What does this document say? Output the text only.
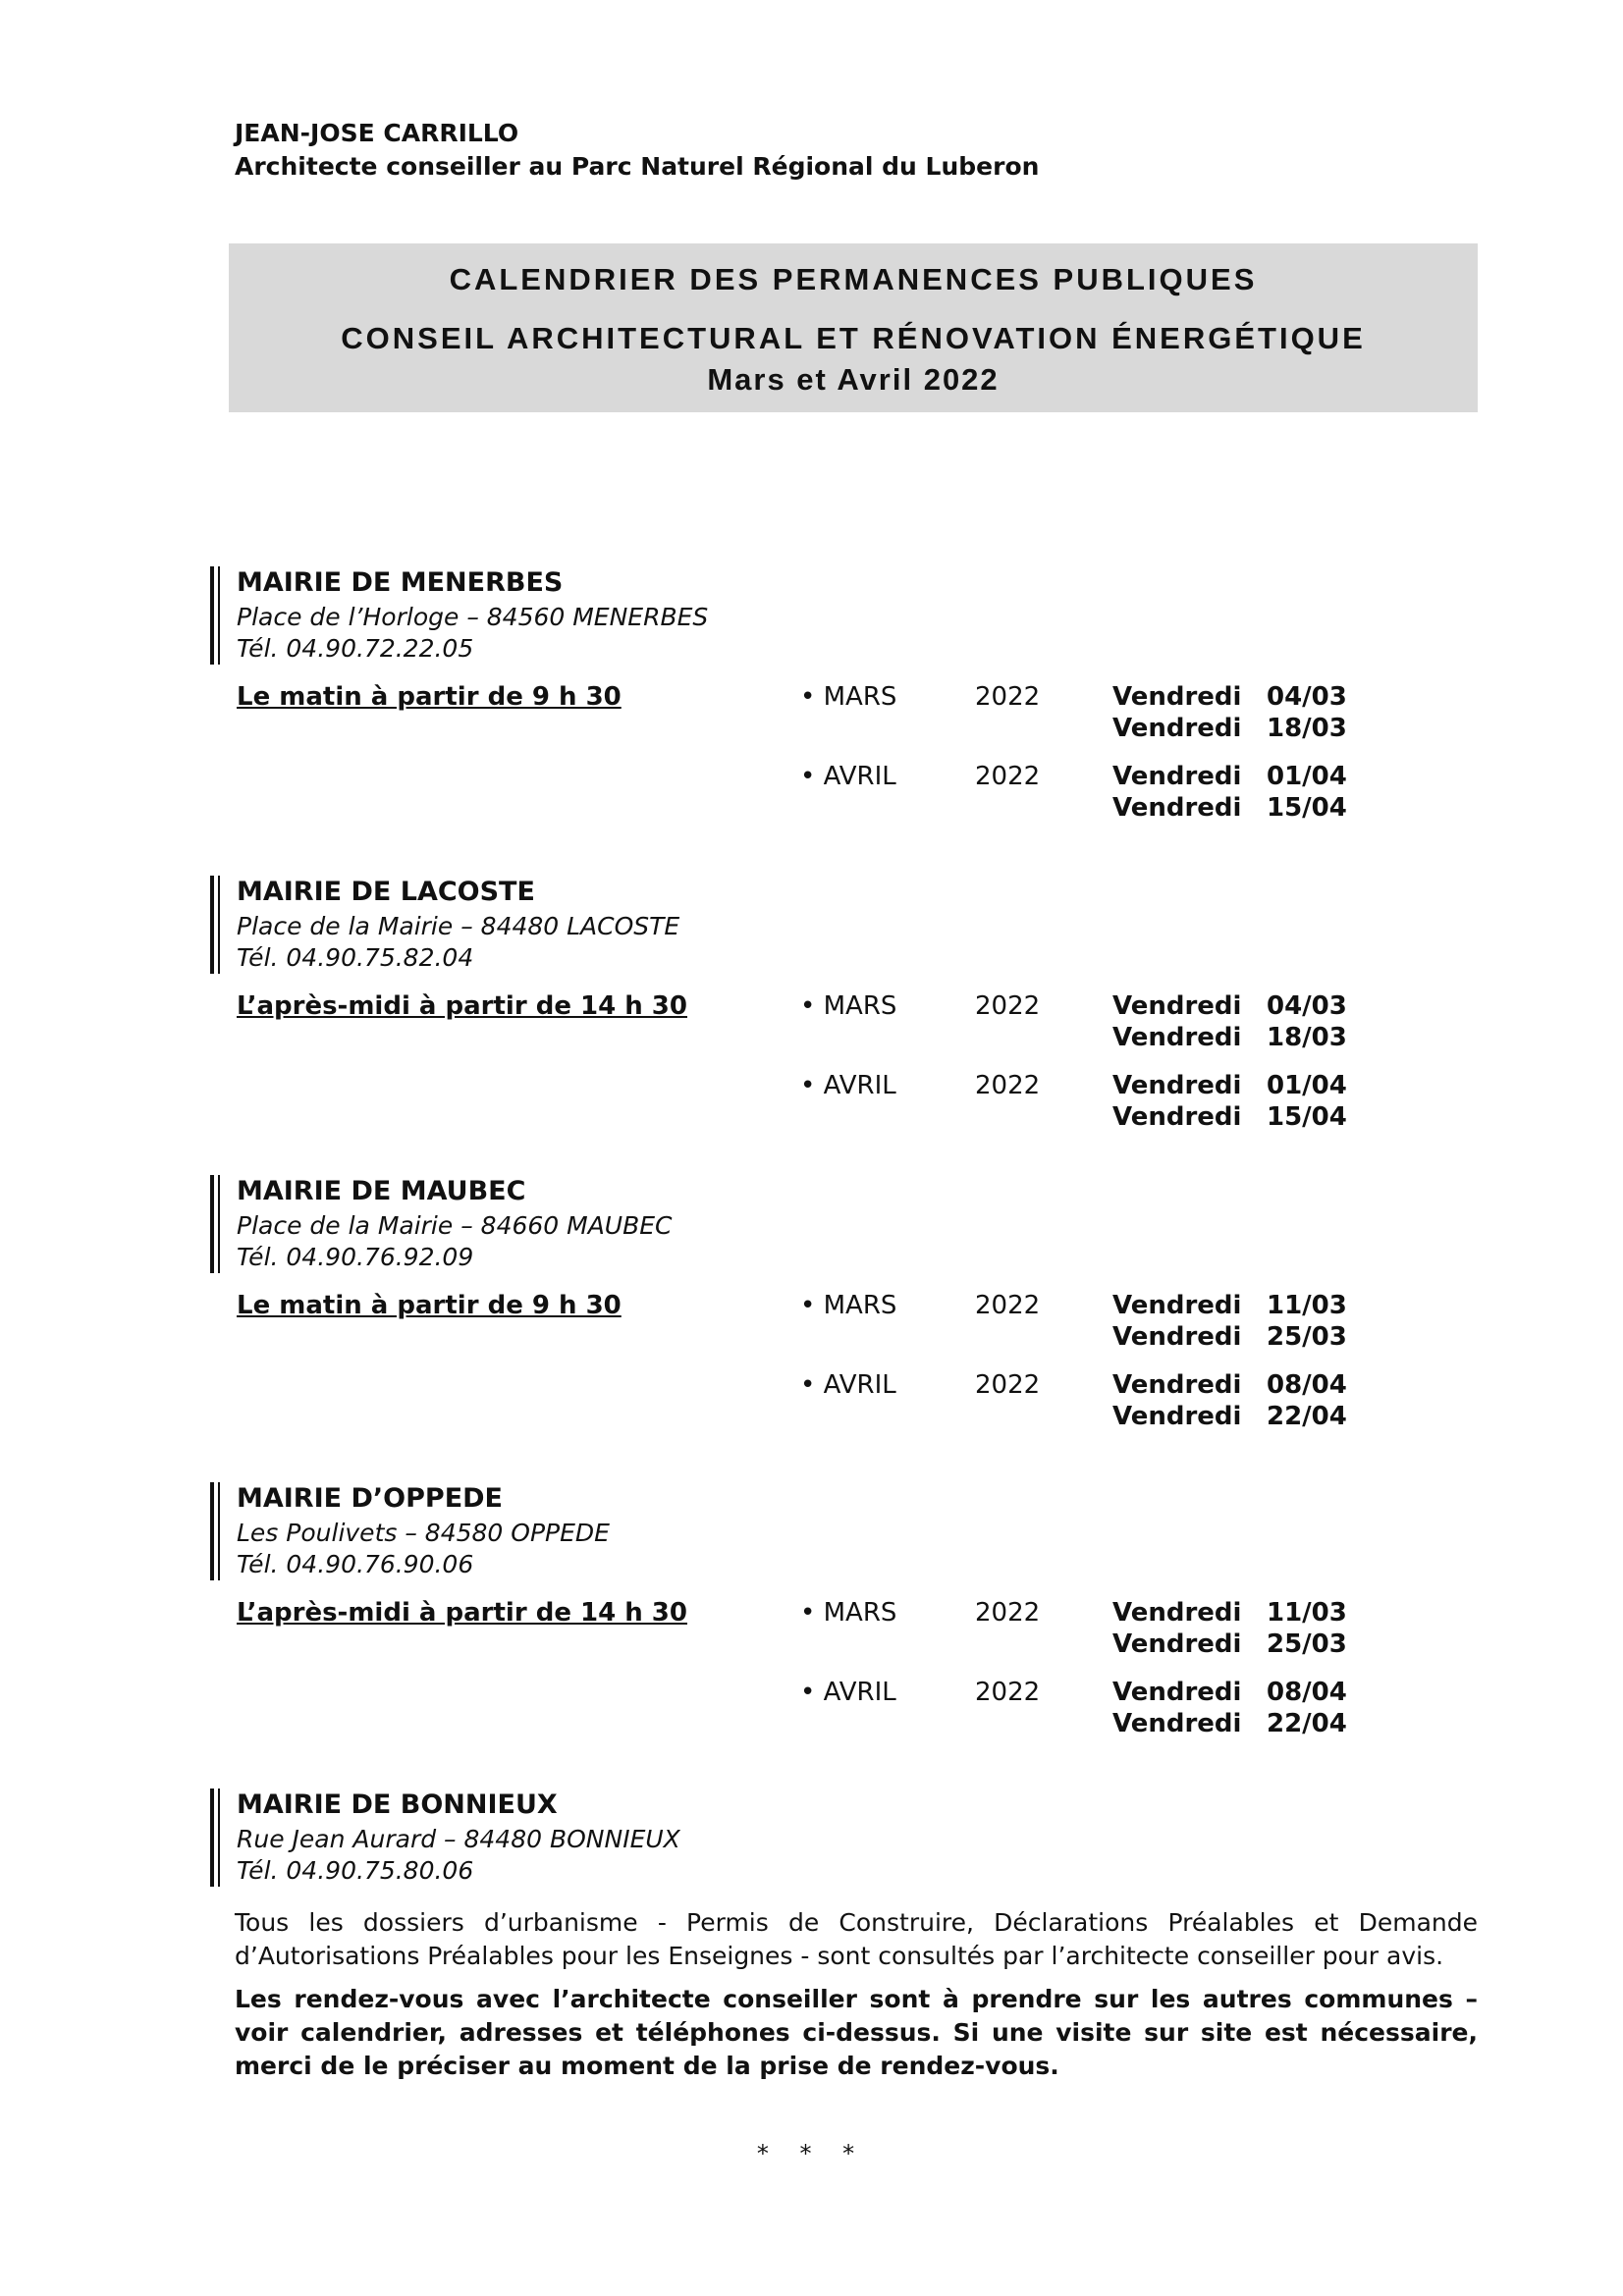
JEAN-JOSE CARRILLO
Architecte conseiller au Parc Naturel Régional du Luberon
CALENDRIER DES PERMANENCES PUBLIQUES
CONSEIL ARCHITECTURAL ET RÉNOVATION ÉNERGÉTIQUE
Mars et Avril 2022
MAIRIE DE MENERBES
Place de l’Horloge – 84560 MENERBES
Tél. 04.90.72.22.05
Le matin à partir de 9 h 30	• MARS	2022	Vendredi 04/03
Vendredi 18/03
• AVRIL	2022	Vendredi 01/04
Vendredi 15/04
MAIRIE DE LACOSTE
Place de la Mairie – 84480 LACOSTE
Tél. 04.90.75.82.04
L’après-midi à partir de 14 h 30	• MARS	2022	Vendredi 04/03
Vendredi 18/03
• AVRIL	2022	Vendredi 01/04
Vendredi 15/04
MAIRIE DE MAUBEC
Place de la Mairie – 84660 MAUBEC
Tél. 04.90.76.92.09
Le matin à partir de 9 h 30	• MARS	2022	Vendredi 11/03
Vendredi 25/03
• AVRIL	2022	Vendredi 08/04
Vendredi 22/04
MAIRIE D’OPPEDE
Les Poulivets – 84580 OPPEDE
Tél. 04.90.76.90.06
L’après-midi à partir de 14 h 30	• MARS	2022	Vendredi 11/03
Vendredi 25/03
• AVRIL	2022	Vendredi 08/04
Vendredi 22/04
MAIRIE DE BONNIEUX
Rue Jean Aurard – 84480 BONNIEUX
Tél. 04.90.75.80.06

Tous les dossiers d’urbanisme - Permis de Construire, Déclarations Préalables et Demande d’Autorisations Préalables pour les Enseignes - sont consultés par l’architecte conseiller pour avis.

Les rendez-vous avec l’architecte conseiller sont à prendre sur les autres communes – voir calendrier, adresses et téléphones ci-dessus. Si une visite sur site est nécessaire, merci de le préciser au moment de la prise de rendez-vous.

* * *
